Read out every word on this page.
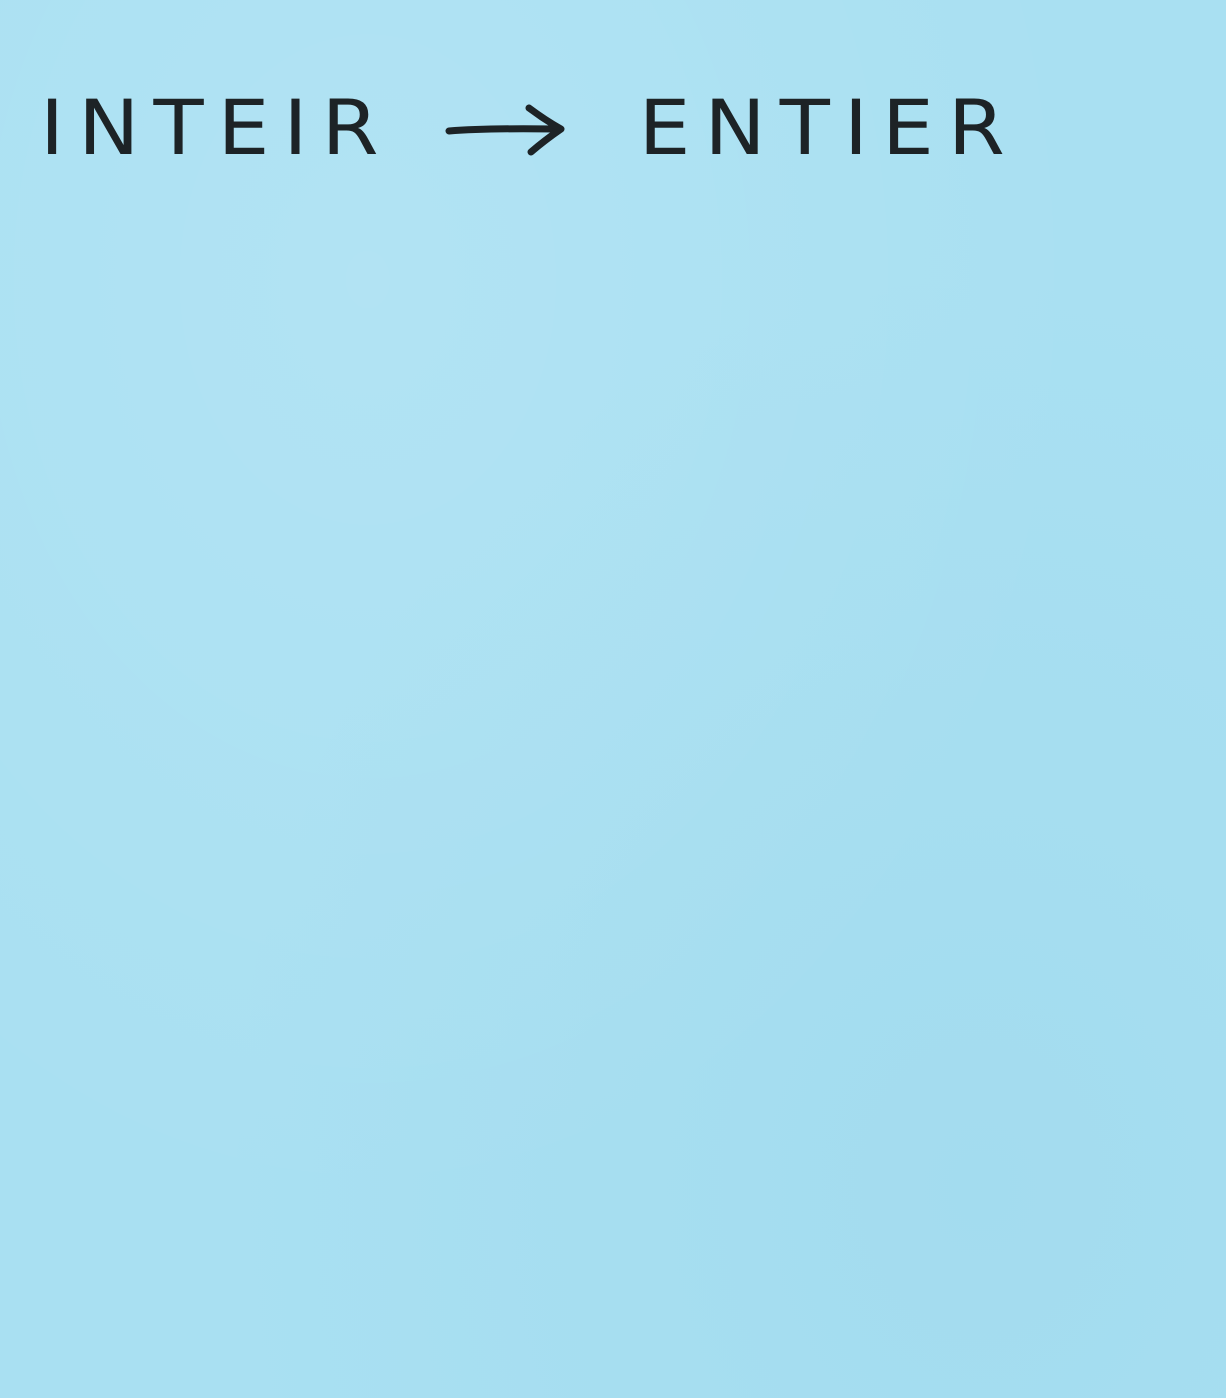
INTEIR	ENTIER
